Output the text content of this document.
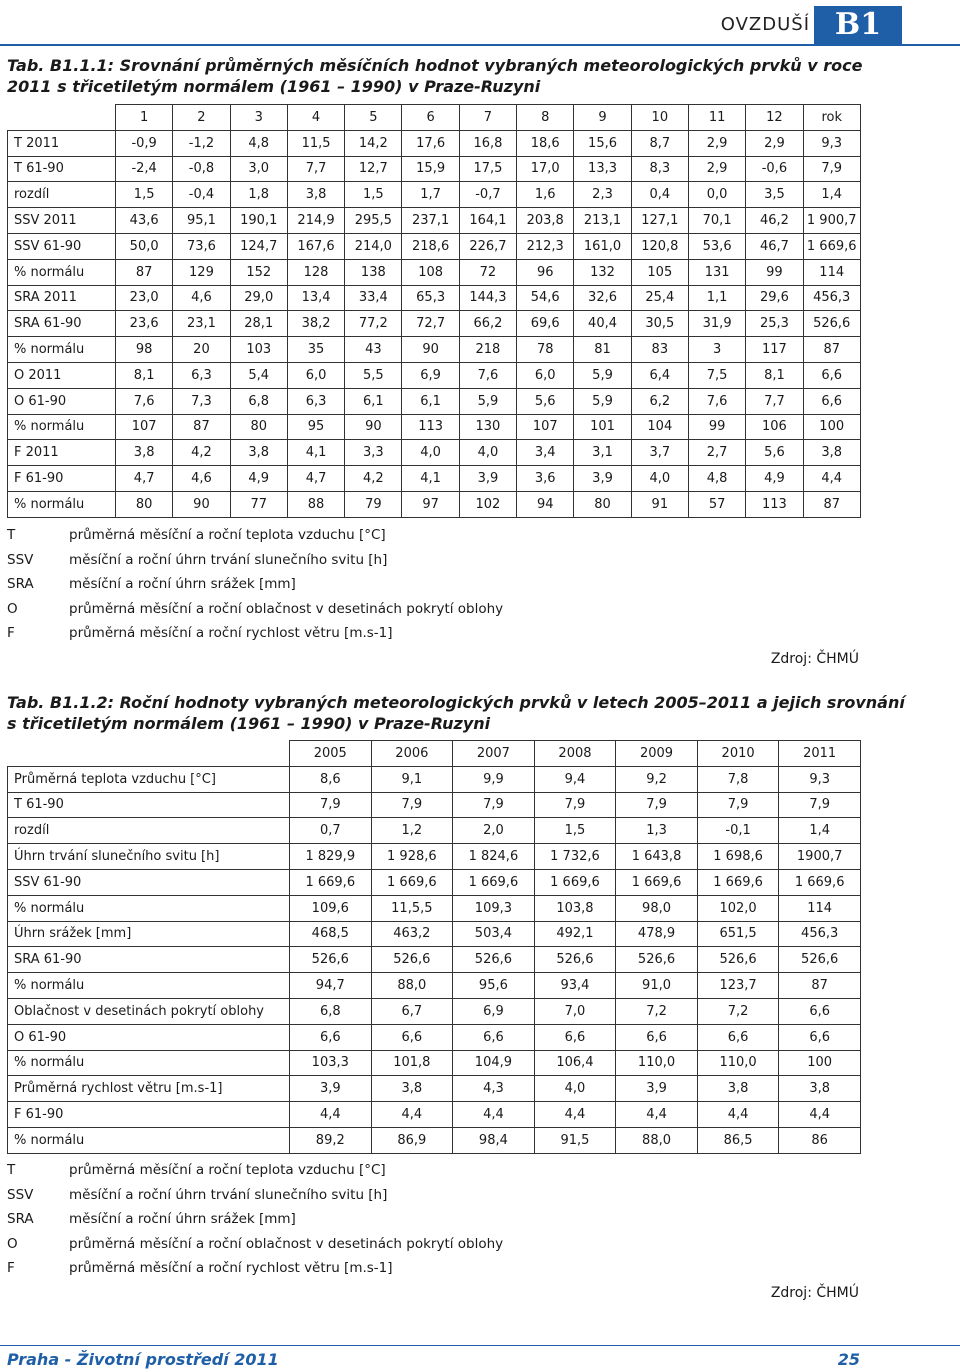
OVZDUŠÍ B1
Tab. B1.1.1: Srovnání průměrných měsíčních hodnot vybraných meteorologických prvků v roce 2011 s třicetiletým normálem (1961 – 1990) v Praze-Ruzyni
	1	2	3	4	5	6	7	8	9	10	11	12	rok
T 2011	-0,9	-1,2	4,8	11,5	14,2	17,6	16,8	18,6	15,6	8,7	2,9	2,9	9,3
T 61-90	-2,4	-0,8	3,0	7,7	12,7	15,9	17,5	17,0	13,3	8,3	2,9	-0,6	7,9
rozdíl	1,5	-0,4	1,8	3,8	1,5	1,7	-0,7	1,6	2,3	0,4	0,0	3,5	1,4
SSV 2011	43,6	95,1	190,1	214,9	295,5	237,1	164,1	203,8	213,1	127,1	70,1	46,2	1 900,7
SSV 61-90	50,0	73,6	124,7	167,6	214,0	218,6	226,7	212,3	161,0	120,8	53,6	46,7	1 669,6
% normálu	87	129	152	128	138	108	72	96	132	105	131	99	114
SRA 2011	23,0	4,6	29,0	13,4	33,4	65,3	144,3	54,6	32,6	25,4	1,1	29,6	456,3
SRA 61-90	23,6	23,1	28,1	38,2	77,2	72,7	66,2	69,6	40,4	30,5	31,9	25,3	526,6
% normálu	98	20	103	35	43	90	218	78	81	83	3	117	87
O 2011	8,1	6,3	5,4	6,0	5,5	6,9	7,6	6,0	5,9	6,4	7,5	8,1	6,6
O 61-90	7,6	7,3	6,8	6,3	6,1	6,1	5,9	5,6	5,9	6,2	7,6	7,7	6,6
% normálu	107	87	80	95	90	113	130	107	101	104	99	106	100
F 2011	3,8	4,2	3,8	4,1	3,3	4,0	4,0	3,4	3,1	3,7	2,7	5,6	3,8
F 61-90	4,7	4,6	4,9	4,7	4,2	4,1	3,9	3,6	3,9	4,0	4,8	4,9	4,4
% normálu	80	90	77	88	79	97	102	94	80	91	57	113	87
T	průměrná měsíční a roční teplota vzduchu [°C]
SSV	měsíční a roční úhrn trvání slunečního svitu [h]
SRA	měsíční a roční úhrn srážek [mm]
O	průměrná měsíční a roční oblačnost v desetinách pokrytí oblohy
F	průměrná měsíční a roční rychlost větru [m.s-1]
Zdroj: ČHMÚ
Tab. B1.1.2: Roční hodnoty vybraných meteorologických prvků v letech 2005–2011 a jejich srovnání s třicetiletým normálem (1961 – 1990) v Praze-Ruzyni
	2005	2006	2007	2008	2009	2010	2011
Průměrná teplota vzduchu [°C]	8,6	9,1	9,9	9,4	9,2	7,8	9,3
T 61-90	7,9	7,9	7,9	7,9	7,9	7,9	7,9
rozdíl	0,7	1,2	2,0	1,5	1,3	-0,1	1,4
Úhrn trvání slunečního svitu [h]	1 829,9	1 928,6	1 824,6	1 732,6	1 643,8	1 698,6	1900,7
SSV 61-90	1 669,6	1 669,6	1 669,6	1 669,6	1 669,6	1 669,6	1 669,6
% normálu	109,6	11,5,5	109,3	103,8	98,0	102,0	114
Úhrn srážek [mm]	468,5	463,2	503,4	492,1	478,9	651,5	456,3
SRA 61-90	526,6	526,6	526,6	526,6	526,6	526,6	526,6
% normálu	94,7	88,0	95,6	93,4	91,0	123,7	87
Oblačnost v desetinách pokrytí oblohy	6,8	6,7	6,9	7,0	7,2	7,2	6,6
O 61-90	6,6	6,6	6,6	6,6	6,6	6,6	6,6
% normálu	103,3	101,8	104,9	106,4	110,0	110,0	100
Průměrná rychlost větru [m.s-1]	3,9	3,8	4,3	4,0	3,9	3,8	3,8
F 61-90	4,4	4,4	4,4	4,4	4,4	4,4	4,4
% normálu	89,2	86,9	98,4	91,5	88,0	86,5	86
T	průměrná měsíční a roční teplota vzduchu [°C]
SSV	měsíční a roční úhrn trvání slunečního svitu [h]
SRA	měsíční a roční úhrn srážek [mm]
O	průměrná měsíční a roční oblačnost v desetinách pokrytí oblohy
F	průměrná měsíční a roční rychlost větru [m.s-1]
Zdroj: ČHMÚ
Praha - Životní prostředí 2011	25
